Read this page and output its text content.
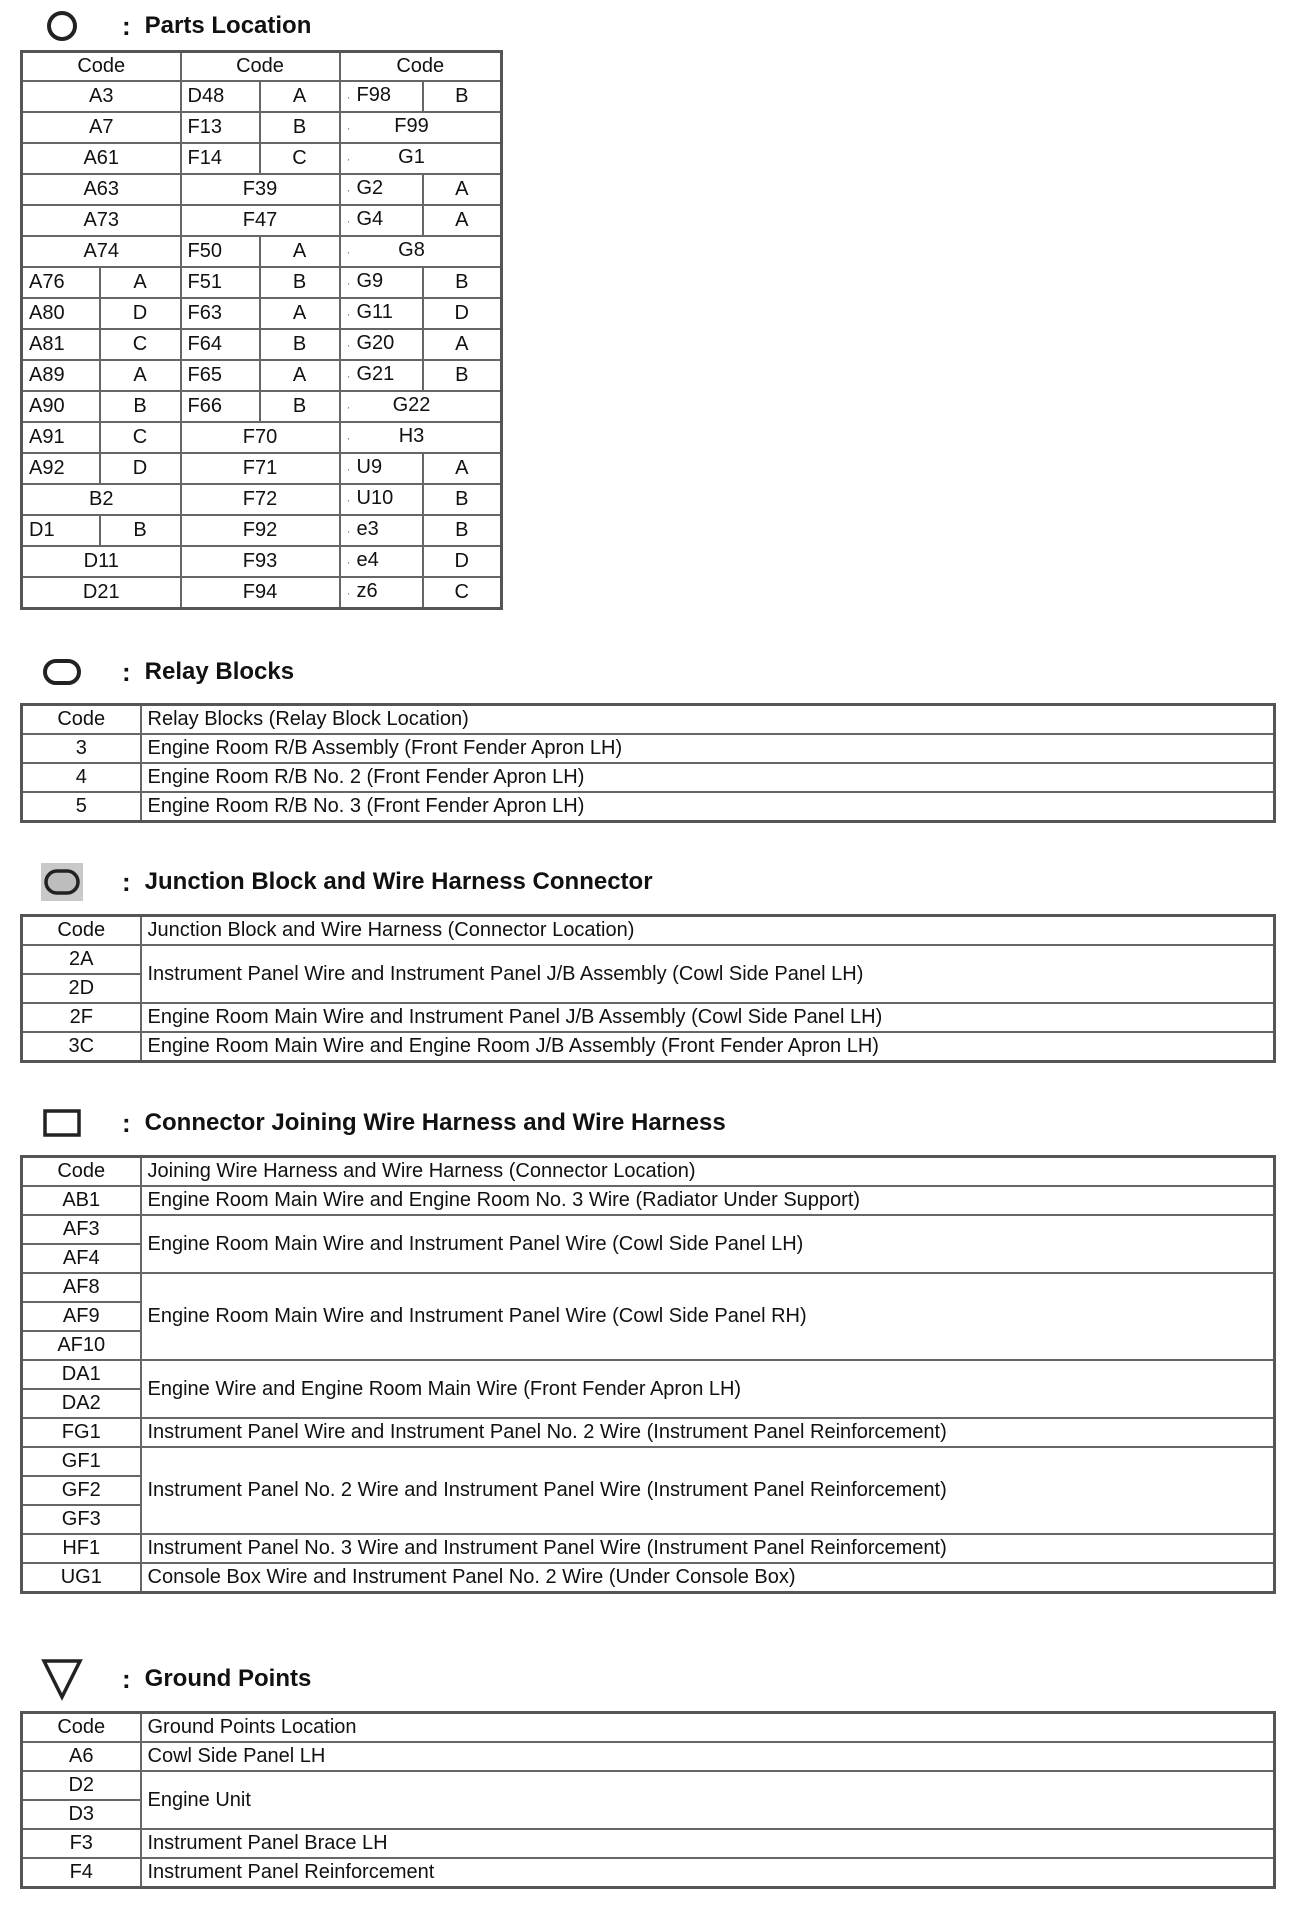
: Parts Location
Code		Code		Code	
A3		D48	A	· F98	B
A7		F13	B	· F99	
A61		F14	C	· G1	
A63		F39		· G2	A
A73		F47		· G4	A
A74		F50	A	· G8	
A76	A	F51	B	· G9	B
A80	D	F63	A	· G11	D
A81	C	F64	B	· G20	A
A89	A	F65	A	· G21	B
A90	B	F66	B	· G22	
A91	C	F70		· H3	
A92	D	F71		· U9	A
B2		F72		· U10	B
D1	B	F92		· e3	B
D11		F93		· e4	D
D21		F94		· z6	C
: Relay Blocks
Code	Relay Blocks (Relay Block Location)
3	Engine Room R/B Assembly (Front Fender Apron LH)
4	Engine Room R/B No. 2 (Front Fender Apron LH)
5	Engine Room R/B No. 3 (Front Fender Apron LH)
: Junction Block and Wire Harness Connector
Code	Junction Block and Wire Harness (Connector Location)
2A	Instrument Panel Wire and Instrument Panel J/B Assembly (Cowl Side Panel LH)
2D	
2F	Engine Room Main Wire and Instrument Panel J/B Assembly (Cowl Side Panel LH)
3C	Engine Room Main Wire and Engine Room J/B Assembly (Front Fender Apron LH)
: Connector Joining Wire Harness and Wire Harness
Code	Joining Wire Harness and Wire Harness (Connector Location)
AB1	Engine Room Main Wire and Engine Room No. 3 Wire (Radiator Under Support)
AF3	Engine Room Main Wire and Instrument Panel Wire (Cowl Side Panel LH)
AF4	
AF8	Engine Room Main Wire and Instrument Panel Wire (Cowl Side Panel RH)
AF9	
AF10	
DA1	Engine Wire and Engine Room Main Wire (Front Fender Apron LH)
DA2	
FG1	Instrument Panel Wire and Instrument Panel No. 2 Wire (Instrument Panel Reinforcement)
GF1	Instrument Panel No. 2 Wire and Instrument Panel Wire (Instrument Panel Reinforcement)
GF2	
GF3	
HF1	Instrument Panel No. 3 Wire and Instrument Panel Wire (Instrument Panel Reinforcement)
UG1	Console Box Wire and Instrument Panel No. 2 Wire (Under Console Box)
: Ground Points
Code	Ground Points Location
A6	Cowl Side Panel LH
D2	Engine Unit
D3	
F3	Instrument Panel Brace LH
F4	Instrument Panel Reinforcement
